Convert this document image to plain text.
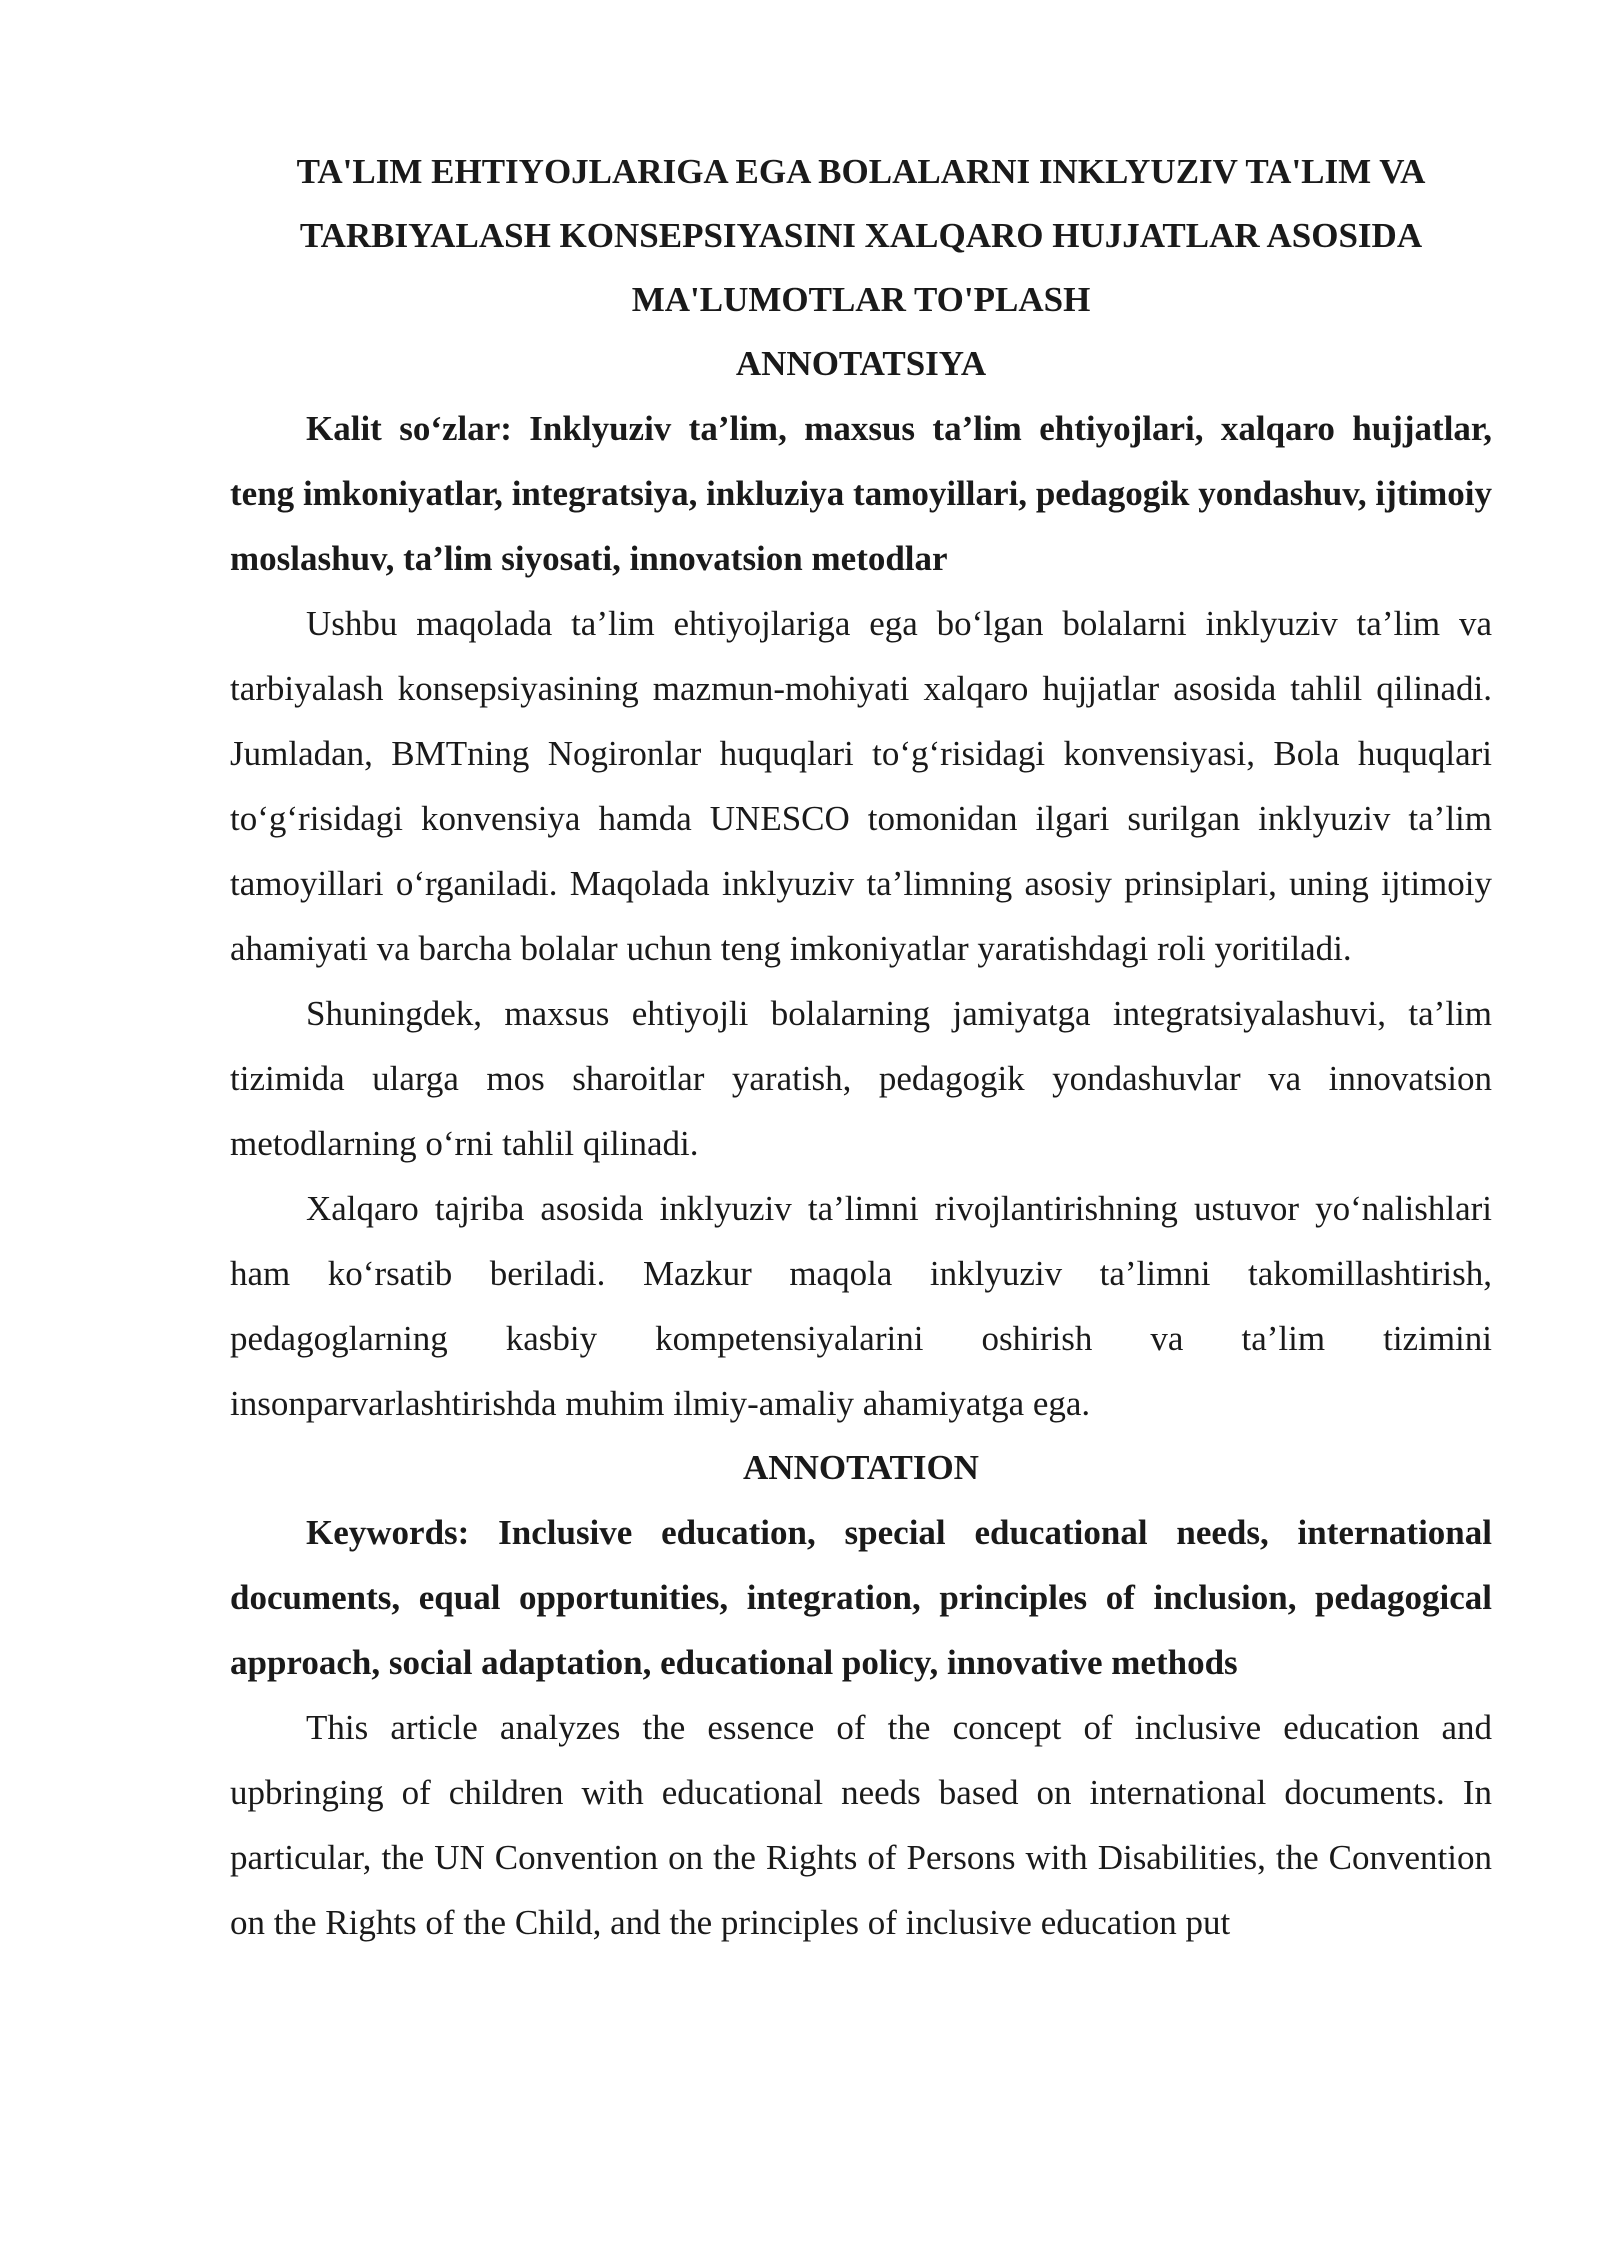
TA'LIM EHTIYOJLARIGA EGA BOLALARNI INKLYUZIV TA'LIM VA
TARBIYALASH KONSEPSIYASINI XALQARO HUJJATLAR ASOSIDA
MA'LUMOTLAR TO'PLASH
ANNOTATSIYA

Kalit so‘zlar: Inklyuziv ta’lim, maxsus ta’lim ehtiyojlari, xalqaro hujjatlar, teng imkoniyatlar, integratsiya, inkluziya tamoyillari, pedagogik yondashuv, ijtimoiy moslashuv, ta’lim siyosati, innovatsion metodlar

Ushbu maqolada ta’lim ehtiyojlariga ega bo‘lgan bolalarni inklyuziv ta’lim va tarbiyalash konsepsiyasining mazmun-mohiyati xalqaro hujjatlar asosida tahlil qilinadi. Jumladan, BMTning Nogironlar huquqlari to‘g‘risidagi konvensiyasi, Bola huquqlari to‘g‘risidagi konvensiya hamda UNESCO tomonidan ilgari surilgan inklyuziv ta’lim tamoyillari o‘rganiladi. Maqolada inklyuziv ta’limning asosiy prinsiplari, uning ijtimoiy ahamiyati va barcha bolalar uchun teng imkoniyatlar yaratishdagi roli yoritiladi.

Shuningdek, maxsus ehtiyojli bolalarning jamiyatga integratsiyalashuvi, ta’lim tizimida ularga mos sharoitlar yaratish, pedagogik yondashuvlar va innovatsion metodlarning o‘rni tahlil qilinadi.

Xalqaro tajriba asosida inklyuziv ta’limni rivojlantirishning ustuvor yo‘nalishlari ham ko‘rsatib beriladi. Mazkur maqola inklyuziv ta’limni takomillashtirish, pedagoglarning kasbiy kompetensiyalarini oshirish va ta’lim tizimini insonparvarlashtirishda muhim ilmiy-amaliy ahamiyatga ega.

ANNOTATION

Keywords: Inclusive education, special educational needs, international documents, equal opportunities, integration, principles of inclusion, pedagogical approach, social adaptation, educational policy, innovative methods

This article analyzes the essence of the concept of inclusive education and upbringing of children with educational needs based on international documents. In particular, the UN Convention on the Rights of Persons with Disabilities, the Convention on the Rights of the Child, and the principles of inclusive education put
